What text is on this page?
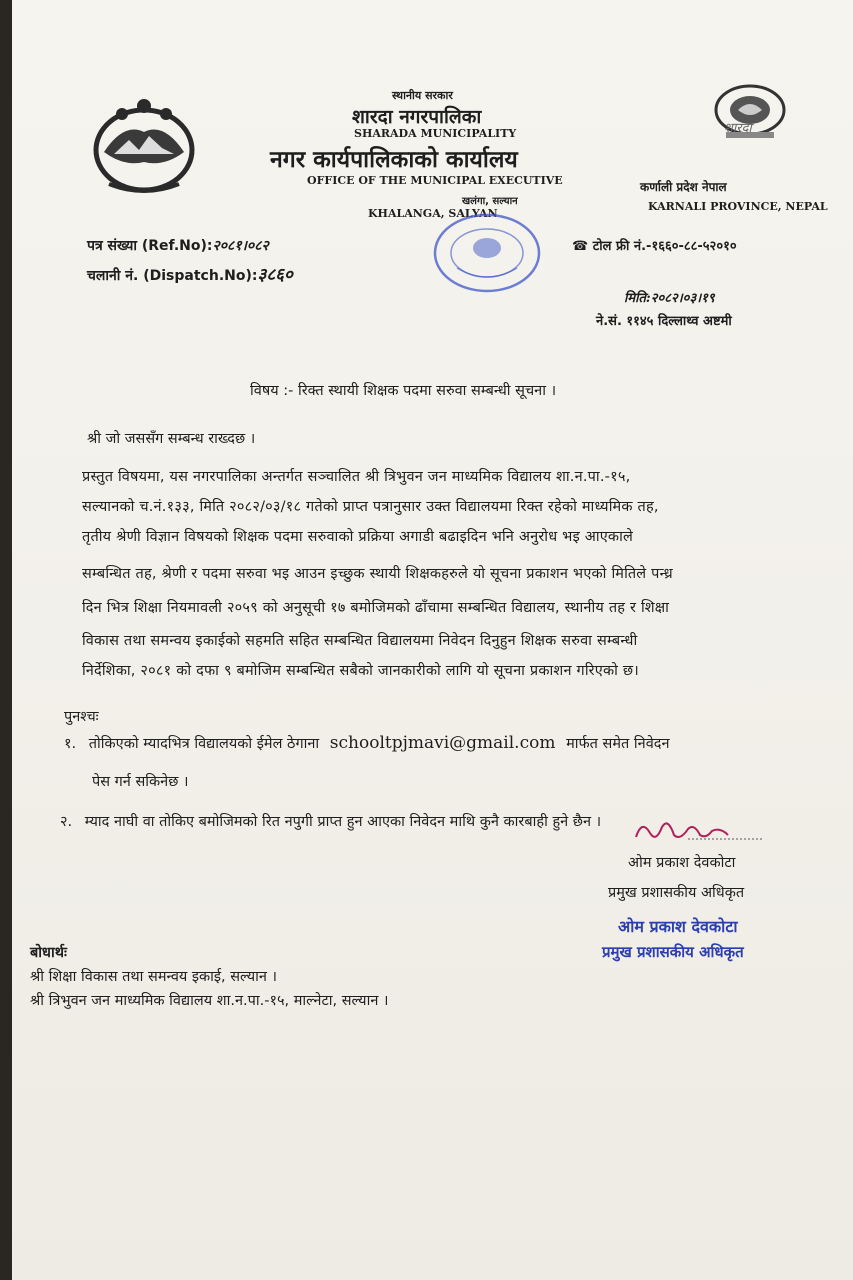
शारदा
स्थानीय सरकार
शारदा नगरपालिका
SHARADA MUNICIPALITY
नगर कार्यपालिकाको कार्यालय
OFFICE OF THE MUNICIPAL EXECUTIVE
खलंगा, सल्यान
KHALANGA, SALYAN
कर्णाली प्रदेश नेपाल
KARNALI PROVINCE, NEPAL
पत्र संख्या (Ref.No):२०८१।०८२
चलानी नं. (Dispatch.No):३८६०
☎ टोल फ्री नं.-१६६०-८८-५२०१०
मिति:२०८२।०३।१९
ने.सं. ११४५ दिल्लाथ्व अष्टमी
विषय :- रिक्त स्थायी शिक्षक पदमा सरुवा सम्बन्धी सूचना ।
श्री जो जससँग सम्बन्ध राख्दछ ।
प्रस्तुत विषयमा, यस नगरपालिका अन्तर्गत सञ्चालित श्री त्रिभुवन जन माध्यमिक विद्यालय शा.न.पा.-१५,
सल्यानको च.नं.१३३, मिति २०८२/०३/१८ गतेको प्राप्त पत्रानुसार उक्त विद्यालयमा रिक्त रहेको माध्यमिक तह,
तृतीय श्रेणी विज्ञान विषयको शिक्षक पदमा सरुवाको प्रक्रिया अगाडी बढाइदिन भनि अनुरोध भइ आएकाले
सम्बन्धित तह, श्रेणी र पदमा सरुवा भइ आउन इच्छुक स्थायी शिक्षकहरुले यो सूचना प्रकाशन भएको मितिले पन्ध्र
दिन भित्र शिक्षा नियमावली २०५९ को अनुसूची १७ बमोजिमको ढाँचामा सम्बन्धित विद्यालय, स्थानीय तह र शिक्षा
विकास तथा समन्वय इकाईको सहमति सहित सम्बन्धित विद्यालयमा निवेदन दिनुहुन शिक्षक सरुवा सम्बन्धी
निर्देशिका, २०८१ को दफा ९ बमोजिम सम्बन्धित सबैको जानकारीको लागि यो सूचना प्रकाशन गरिएको छ।
पुनश्चः
१. तोकिएको म्यादभित्र विद्यालयको ईमेल ठेगाना schooltpjmavi@gmail.com मार्फत समेत निवेदन
पेस गर्न सकिनेछ ।
२. म्याद नाघी वा तोकिए बमोजिमको रित नपुगी प्राप्त हुन आएका निवेदन माथि कुनै कारबाही हुने छैन ।
ओम प्रकाश देवकोटा
प्रमुख प्रशासकीय अधिकृत
ओम प्रकाश देवकोटा
प्रमुख प्रशासकीय अधिकृत
बोधार्थः
श्री शिक्षा विकास तथा समन्वय इकाई, सल्यान ।
श्री त्रिभुवन जन माध्यमिक विद्यालय शा.न.पा.-१५, माल्नेटा, सल्यान ।
